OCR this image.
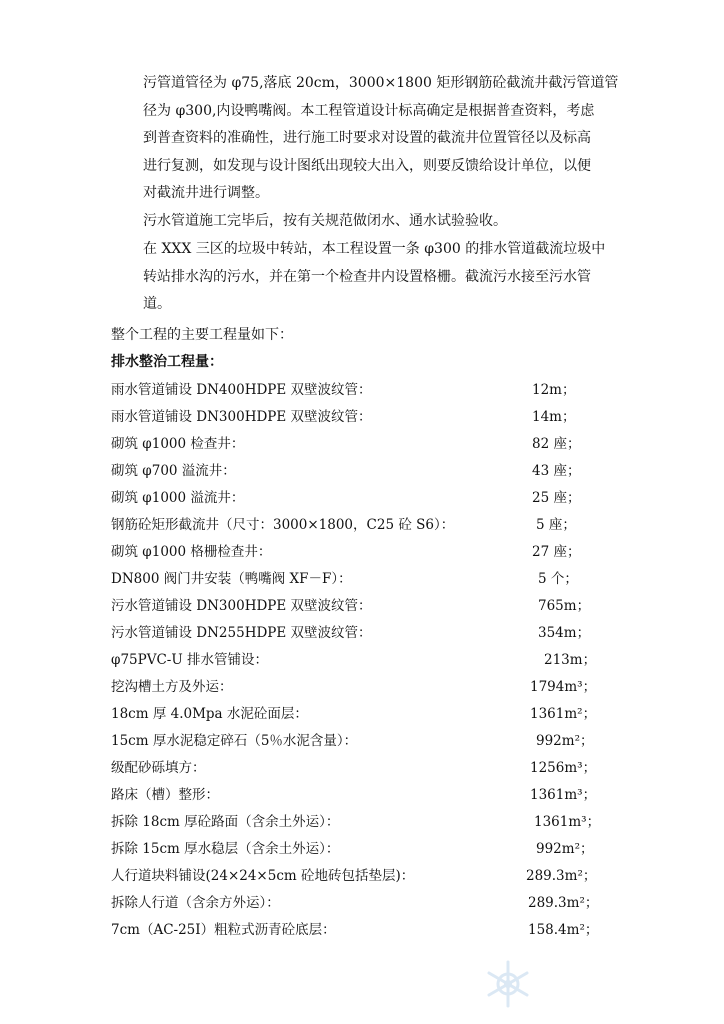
污管道管径为 φ75,落底 20cm，3000×1800 矩形钢筋砼截流井截污管道管
径为 φ300,内设鸭嘴阀。本工程管道设计标高确定是根据普查资料，考虑
到普查资料的准确性，进行施工时要求对设置的截流井位置管径以及标高
进行复测，如发现与设计图纸出现较大出入，则要反馈给设计单位，以便
对截流井进行调整。

污水管道施工完毕后，按有关规范做闭水、通水试验验收。

在 XXX 三区的垃圾中转站，本工程设置一条 φ300 的排水管道截流垃圾中
转站排水沟的污水，并在第一个检查井内设置格栅。截流污水接至污水管
道。

整个工程的主要工程量如下：

排水整治工程量：

雨水管道铺设 DN400HDPE 双壁波纹管：	12m；
雨水管道铺设 DN300HDPE 双壁波纹管：	14m；
砌筑 φ1000 检查井：	82 座；
砌筑 φ700 溢流井：	43 座；
砌筑 φ1000 溢流井：	25 座；
钢筋砼矩形截流井（尺寸：3000×1800，C25 砼 S6）：	5 座；
砌筑 φ1000 格栅检查井：	27 座；
DN800 阀门井安装（鸭嘴阀 XF－F）：	5 个；
污水管道铺设 DN300HDPE 双壁波纹管：	765m；
污水管道铺设 DN255HDPE 双壁波纹管：	354m；
φ75PVC-U 排水管铺设：	213m；
挖沟槽土方及外运：	1794m³；
18cm 厚 4.0Mpa 水泥砼面层：	1361m²；
15cm 厚水泥稳定碎石（5％水泥含量）：	992m²；
级配砂砾填方：	1256m³；
路床（槽）整形：	1361m³；
拆除 18cm 厚砼路面（含余土外运）：	1361m³；
拆除 15cm 厚水稳层（含余土外运）：	992m²；
人行道块料铺设(24×24×5cm 砼地砖包括垫层)：	289.3m²；
拆除人行道（含余方外运）：	289.3m²；
7cm（AC-25Ⅰ）粗粒式沥青砼底层：	158.4m²；
